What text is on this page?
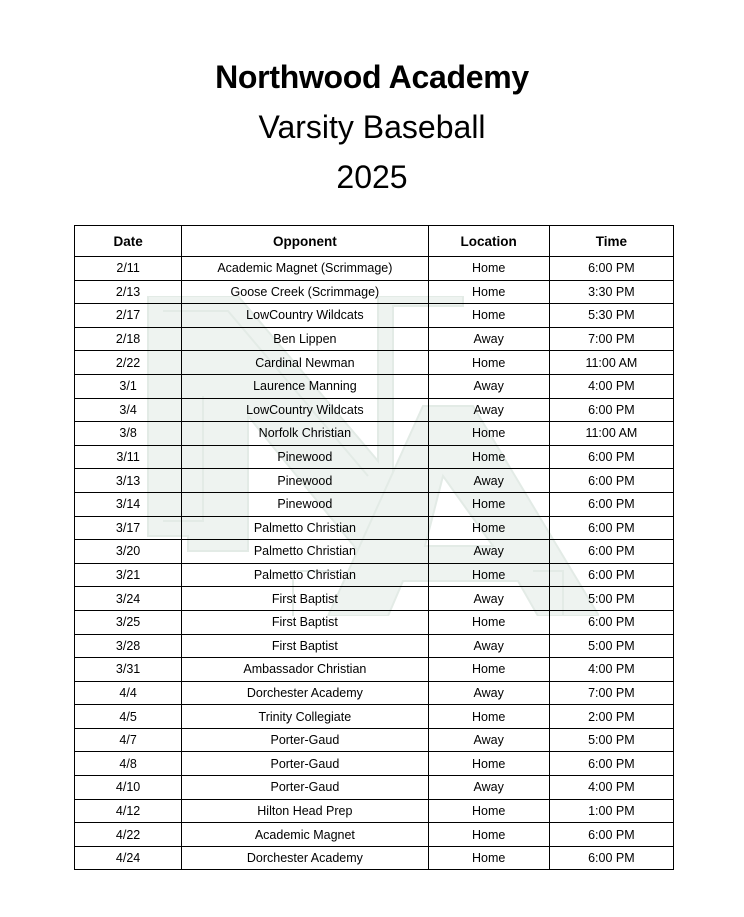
Northwood Academy
Varsity Baseball
2025
Date	Opponent	Location	Time
2/11	Academic Magnet (Scrimmage)	Home	6:00 PM
2/13	Goose Creek (Scrimmage)	Home	3:30 PM
2/17	LowCountry Wildcats	Home	5:30 PM
2/18	Ben Lippen	Away	7:00 PM
2/22	Cardinal Newman	Home	11:00 AM
3/1	Laurence Manning	Away	4:00 PM
3/4	LowCountry Wildcats	Away	6:00 PM
3/8	Norfolk Christian	Home	11:00 AM
3/11	Pinewood	Home	6:00 PM
3/13	Pinewood	Away	6:00 PM
3/14	Pinewood	Home	6:00 PM
3/17	Palmetto Christian	Home	6:00 PM
3/20	Palmetto Christian	Away	6:00 PM
3/21	Palmetto Christian	Home	6:00 PM
3/24	First Baptist	Away	5:00 PM
3/25	First Baptist	Home	6:00 PM
3/28	First Baptist	Away	5:00 PM
3/31	Ambassador Christian	Home	4:00 PM
4/4	Dorchester Academy	Away	7:00 PM
4/5	Trinity Collegiate	Home	2:00 PM
4/7	Porter-Gaud	Away	5:00 PM
4/8	Porter-Gaud	Home	6:00 PM
4/10	Porter-Gaud	Away	4:00 PM
4/12	Hilton Head Prep	Home	1:00 PM
4/22	Academic Magnet	Home	6:00 PM
4/24	Dorchester Academy	Home	6:00 PM
